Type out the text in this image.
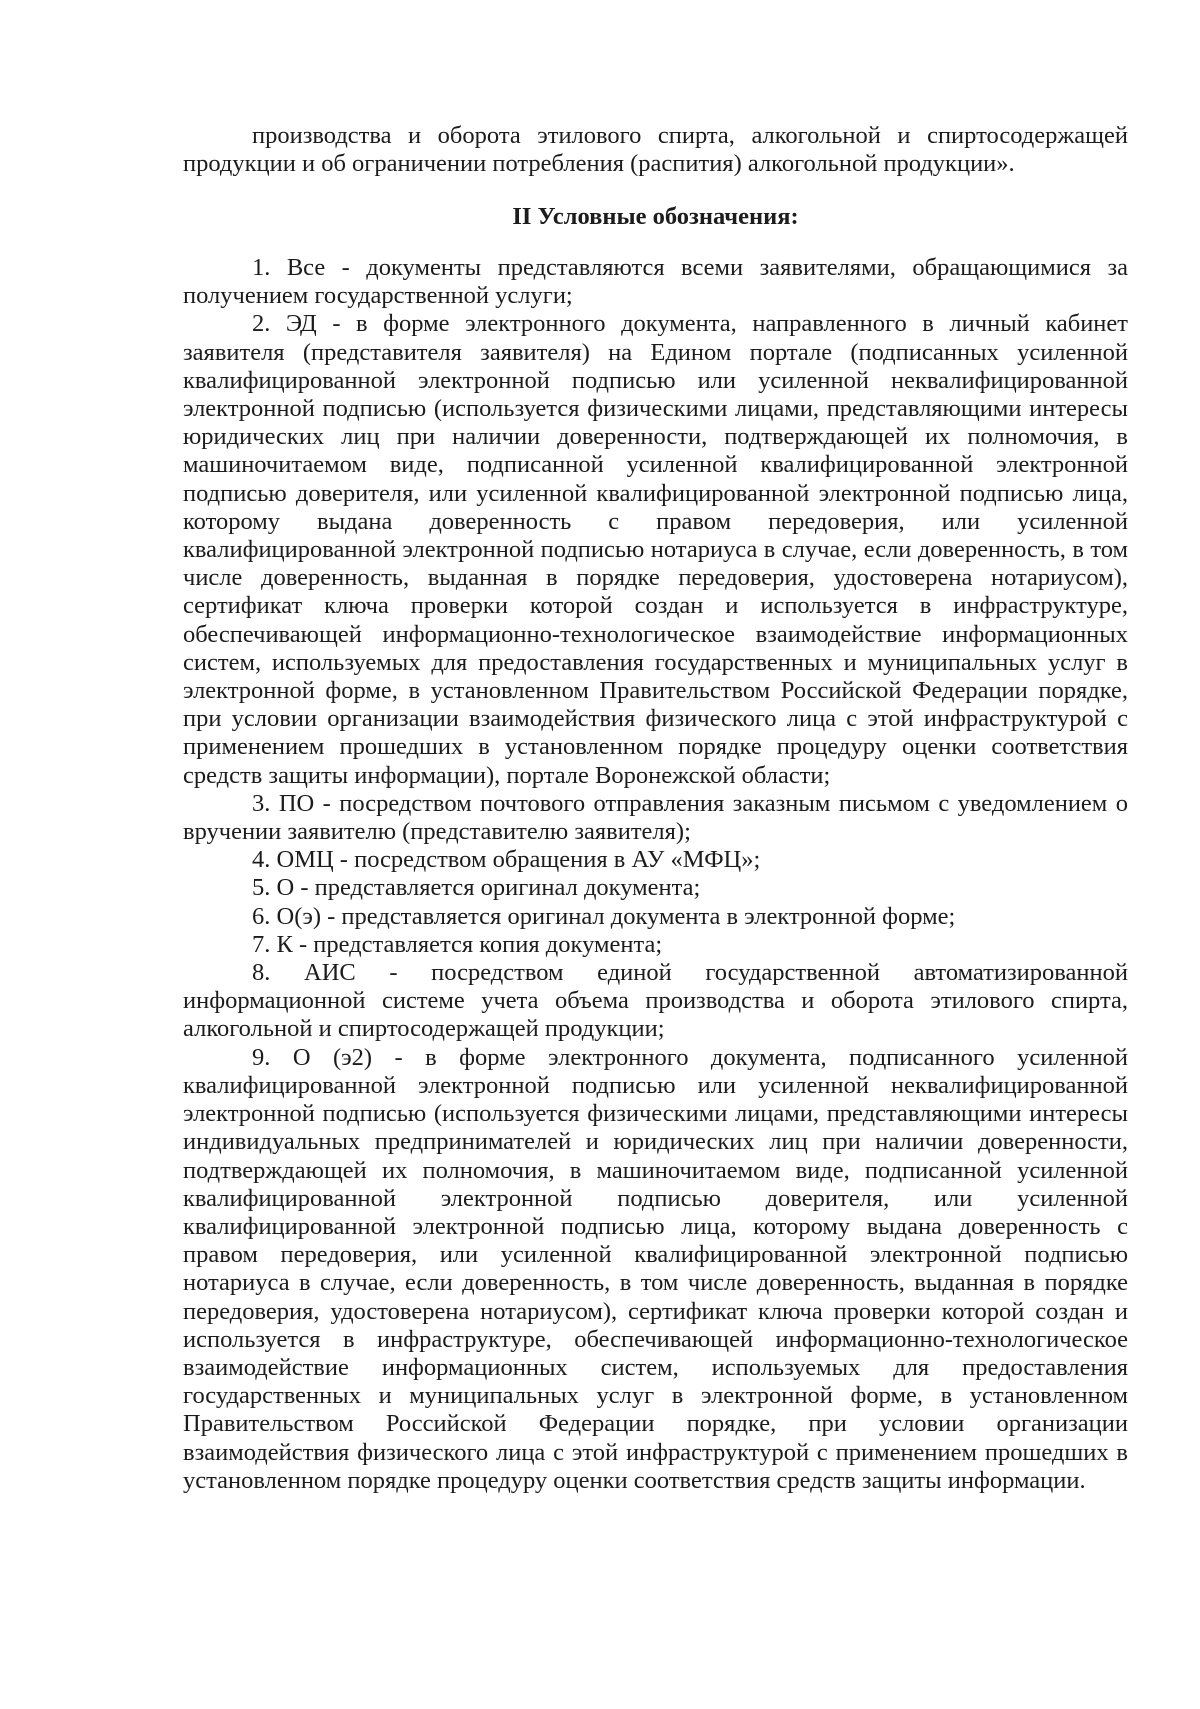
производства и оборота этилового спирта, алкогольной и спиртосодержащей продукции и об ограничении потребления (распития) алкогольной продукции».

II Условные обозначения:

1. Все - документы представляются всеми заявителями, обращающимися за получением государственной услуги;

2. ЭД - в форме электронного документа, направленного в личный кабинет заявителя (представителя заявителя) на Едином портале (подписанных усиленной квалифицированной электронной подписью или усиленной неквалифицированной электронной подписью (используется физическими лицами, представляющими интересы юридических лиц при наличии доверенности, подтверждающей их полномочия, в машиночитаемом виде, подписанной усиленной квалифицированной электронной подписью доверителя, или усиленной квалифицированной электронной подписью лица, которому выдана доверенность с правом передоверия, или усиленной квалифицированной электронной подписью нотариуса в случае, если доверенность, в том числе доверенность, выданная в порядке передоверия, удостоверена нотариусом), сертификат ключа проверки которой создан и используется в инфраструктуре, обеспечивающей информационно-технологическое взаимодействие информационных систем, используемых для предоставления государственных и муниципальных услуг в электронной форме, в установленном Правительством Российской Федерации порядке, при условии организации взаимодействия физического лица с этой инфраструктурой с применением прошедших в установленном порядке процедуру оценки соответствия средств защиты информации), портале Воронежской области;

3. ПО - посредством почтового отправления заказным письмом с уведомлением о вручении заявителю (представителю заявителя);

4. ОМЦ - посредством обращения в АУ «МФЦ»;

5. О - представляется оригинал документа;

6. О(э) - представляется оригинал документа в электронной форме;

7. К - представляется копия документа;

8. АИС - посредством единой государственной автоматизированной информационной системе учета объема производства и оборота этилового спирта, алкогольной и спиртосодержащей продукции;

9. О (э2) - в форме электронного документа, подписанного усиленной квалифицированной электронной подписью или усиленной неквалифицированной электронной подписью (используется физическими лицами, представляющими интересы индивидуальных предпринимателей и юридических лиц при наличии доверенности, подтверждающей их полномочия, в машиночитаемом виде, подписанной усиленной квалифицированной электронной подписью доверителя, или усиленной квалифицированной электронной подписью лица, которому выдана доверенность с правом передоверия, или усиленной квалифицированной электронной подписью нотариуса в случае, если доверенность, в том числе доверенность, выданная в порядке передоверия, удостоверена нотариусом), сертификат ключа проверки которой создан и используется в инфраструктуре, обеспечивающей информационно-технологическое взаимодействие информационных систем, используемых для предоставления государственных и муниципальных услуг в электронной форме, в установленном Правительством Российской Федерации порядке, при условии организации взаимодействия физического лица с этой инфраструктурой с применением прошедших в установленном порядке процедуру оценки соответствия средств защиты информации.
